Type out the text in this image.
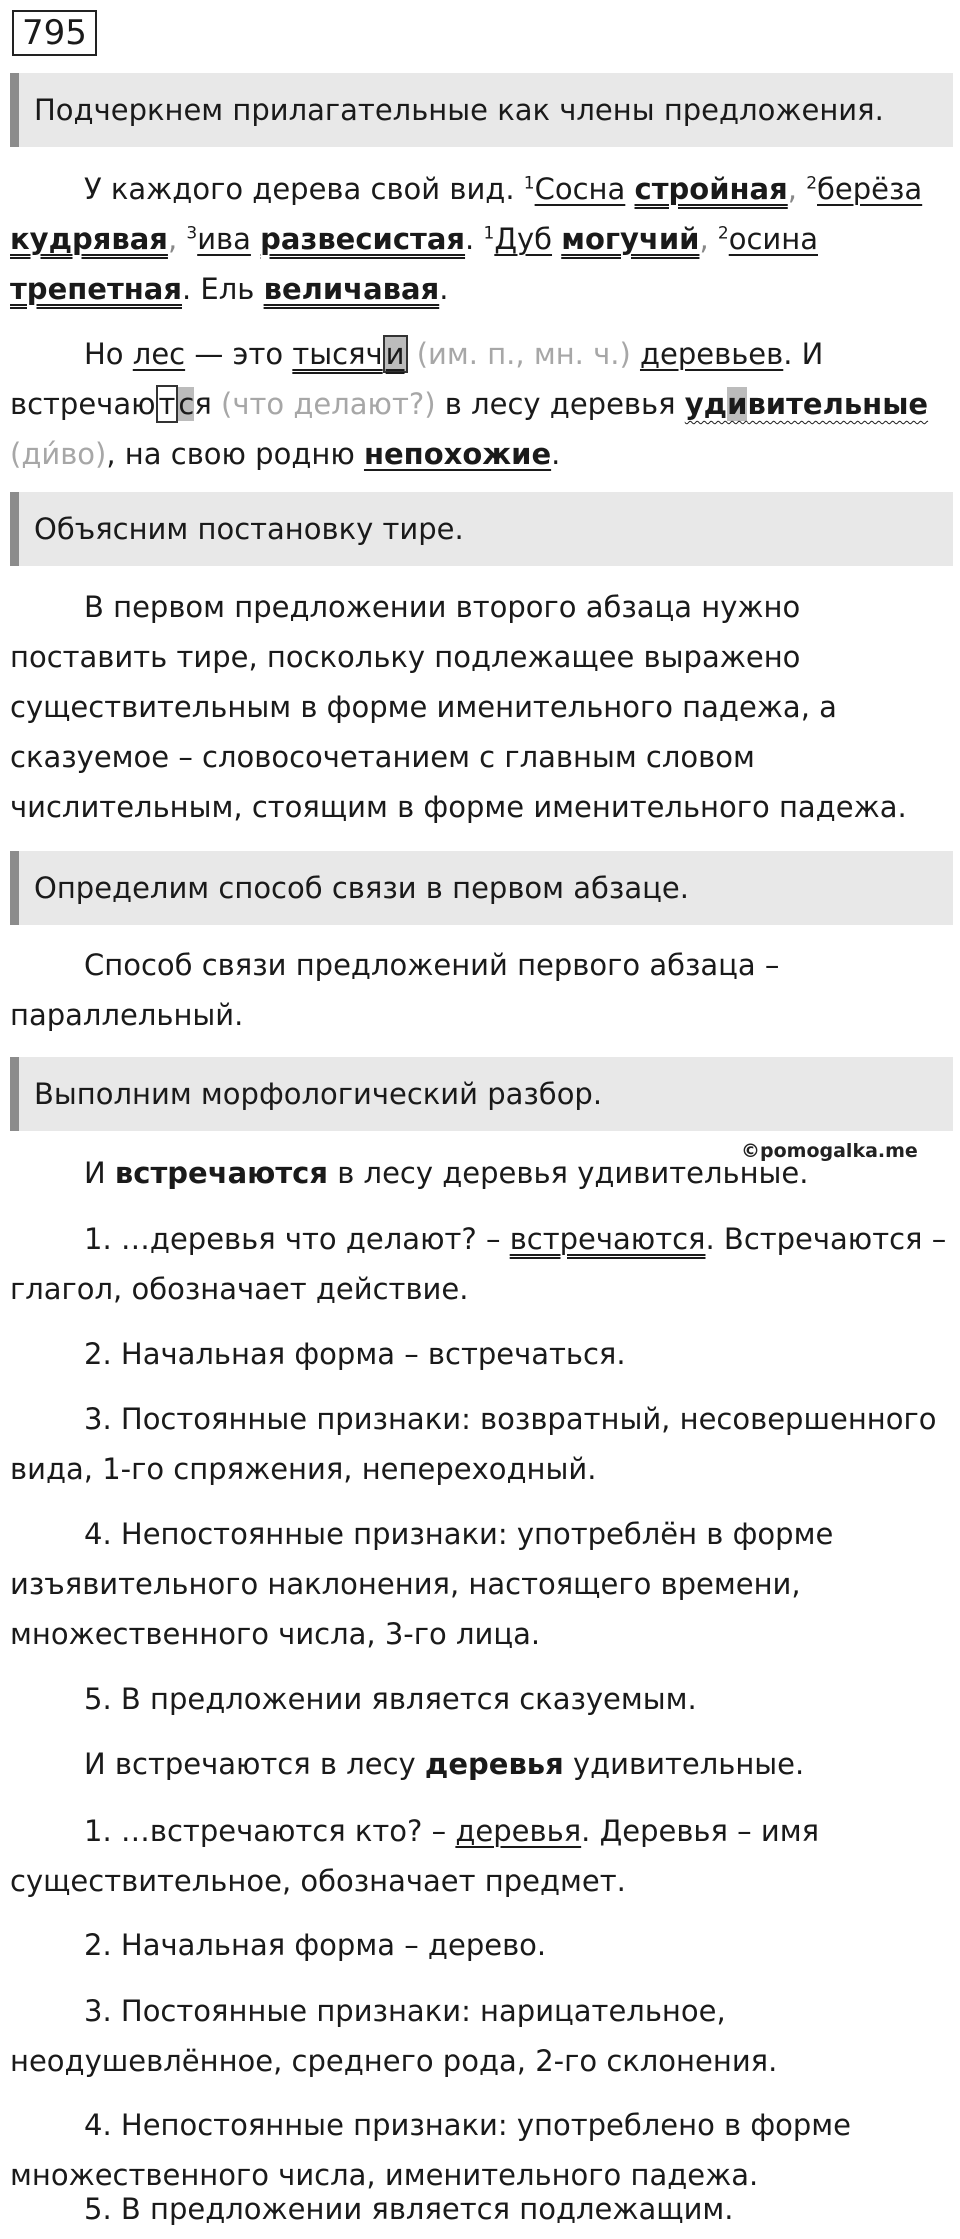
795
Подчеркнем прилагательные как члены предложения.
У каждого дерева свой вид. $^1$Сосна стройная, $^2$берёза кудрявая, $^3$ива развесистая. $^1$Дуб могучий, $^2$осина трепетная. Ель величавая.
Но лес — это тысяч и (им. п., мн. ч.) деревьев. И встречаю т ся (что делают?) в лесу деревья удивительные (ди́во), на свою родню непохожие.
Объясним постановку тире.
В первом предложении второго абзаца нужно поставить тире, поскольку подлежащее выражено существительным в форме именительного падежа, а сказуемое – словосочетанием с главным словом числительным, стоящим в форме именительного падежа.
Определим способ связи в первом абзаце.
Способ связи предложений первого абзаца – параллельный.
Выполним морфологический разбор.
©pomogalka.me
И встречаются в лесу деревья удивительные.
1. …деревья что делают? – встречаются. Встречаются – глагол, обозначает действие.
2. Начальная форма – встречаться.
3. Постоянные признаки: возвратный, несовершенного вида, 1-го спряжения, непереходный.
4. Непостоянные признаки: употреблён в форме изъявительного наклонения, настоящего времени, множественного числа, 3-го лица.
5. В предложении является сказуемым.
И встречаются в лесу деревья удивительные.
1. …встречаются кто? – деревья. Деревья – имя существительное, обозначает предмет.
2. Начальная форма – дерево.
3. Постоянные признаки: нарицательное, неодушевлённое, среднего рода, 2-го склонения.
4. Непостоянные признаки: употреблено в форме множественного числа, именительного падежа.
5. В предложении является подлежащим.
